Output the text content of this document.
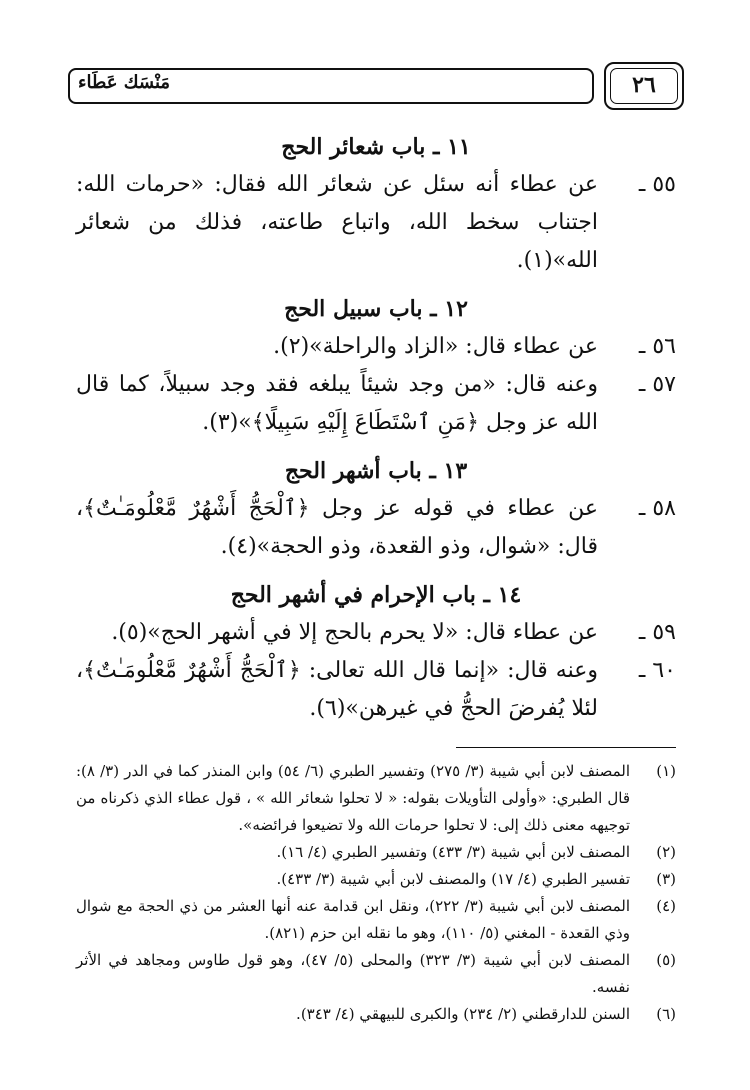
مَنْسَك عَطَاء	٢٦
١١ ـ باب شعائر الحج
٥٥ ـ
عن عطاء أنه سئل عن شعائر الله فقال: «حرمات الله: اجتناب سخط الله، واتباع طاعته، فذلك من شعائر الله»(١).
١٢ ـ باب سبيل الحج
٥٦ ـ
عن عطاء قال: «الزاد والراحلة»(٢).
٥٧ ـ
وعنه قال: «من وجد شيئاً يبلغه فقد وجد سبيلاً، كما قال الله عز وجل ﴿مَنِ ٱسْتَطَاعَ إِلَيْهِ سَبِيلًا﴾»(٣).
١٣ ـ باب أشهر الحج
٥٨ ـ
عن عطاء في قوله عز وجل ﴿ٱلْحَجُّ أَشْهُرٌ مَّعْلُومَـٰتٌ﴾، قال: «شوال، وذو القعدة، وذو الحجة»(٤).
١٤ ـ باب الإحرام في أشهر الحج
٥٩ ـ
عن عطاء قال: «لا يحرم بالحج إلا في أشهر الحج»(٥).
٦٠ ـ
وعنه قال: «إنما قال الله تعالى: ﴿ٱلْحَجُّ أَشْهُرٌ مَّعْلُومَـٰتٌ﴾، لئلا يُفرضَ الحجُّ في غيرهن»(٦).
(١)
المصنف لابن أبي شيبة (٣/ ٢٧٥) وتفسير الطبري (٦/ ٥٤) وابن المنذر كما في الدر (٣/ ٨): قال الطبري: «وأولى التأويلات بقوله: « لا تحلوا شعائر الله » ، قول عطاء الذي ذكرناه من توجيهه معنى ذلك إلى: لا تحلوا حرمات الله ولا تضيعوا فرائضه».
(٢)
المصنف لابن أبي شيبة (٣/ ٤٣٣) وتفسير الطبري (٤/ ١٦).
(٣)
تفسير الطبري (٤/ ١٧) والمصنف لابن أبي شيبة (٣/ ٤٣٣).
(٤)
المصنف لابن أبي شيبة (٣/ ٢٢٢)، ونقل ابن قدامة عنه أنها العشر من ذي الحجة مع شوال وذي القعدة - المغني (٥/ ١١٠)، وهو ما نقله ابن حزم (٨٢١).
(٥)
المصنف لابن أبي شيبة (٣/ ٣٢٣) والمحلى (٥/ ٤٧)، وهو قول طاوس ومجاهد في الأثر نفسه.
(٦)
السنن للدارقطني (٢/ ٢٣٤) والكبرى للبيهقي (٤/ ٣٤٣).
